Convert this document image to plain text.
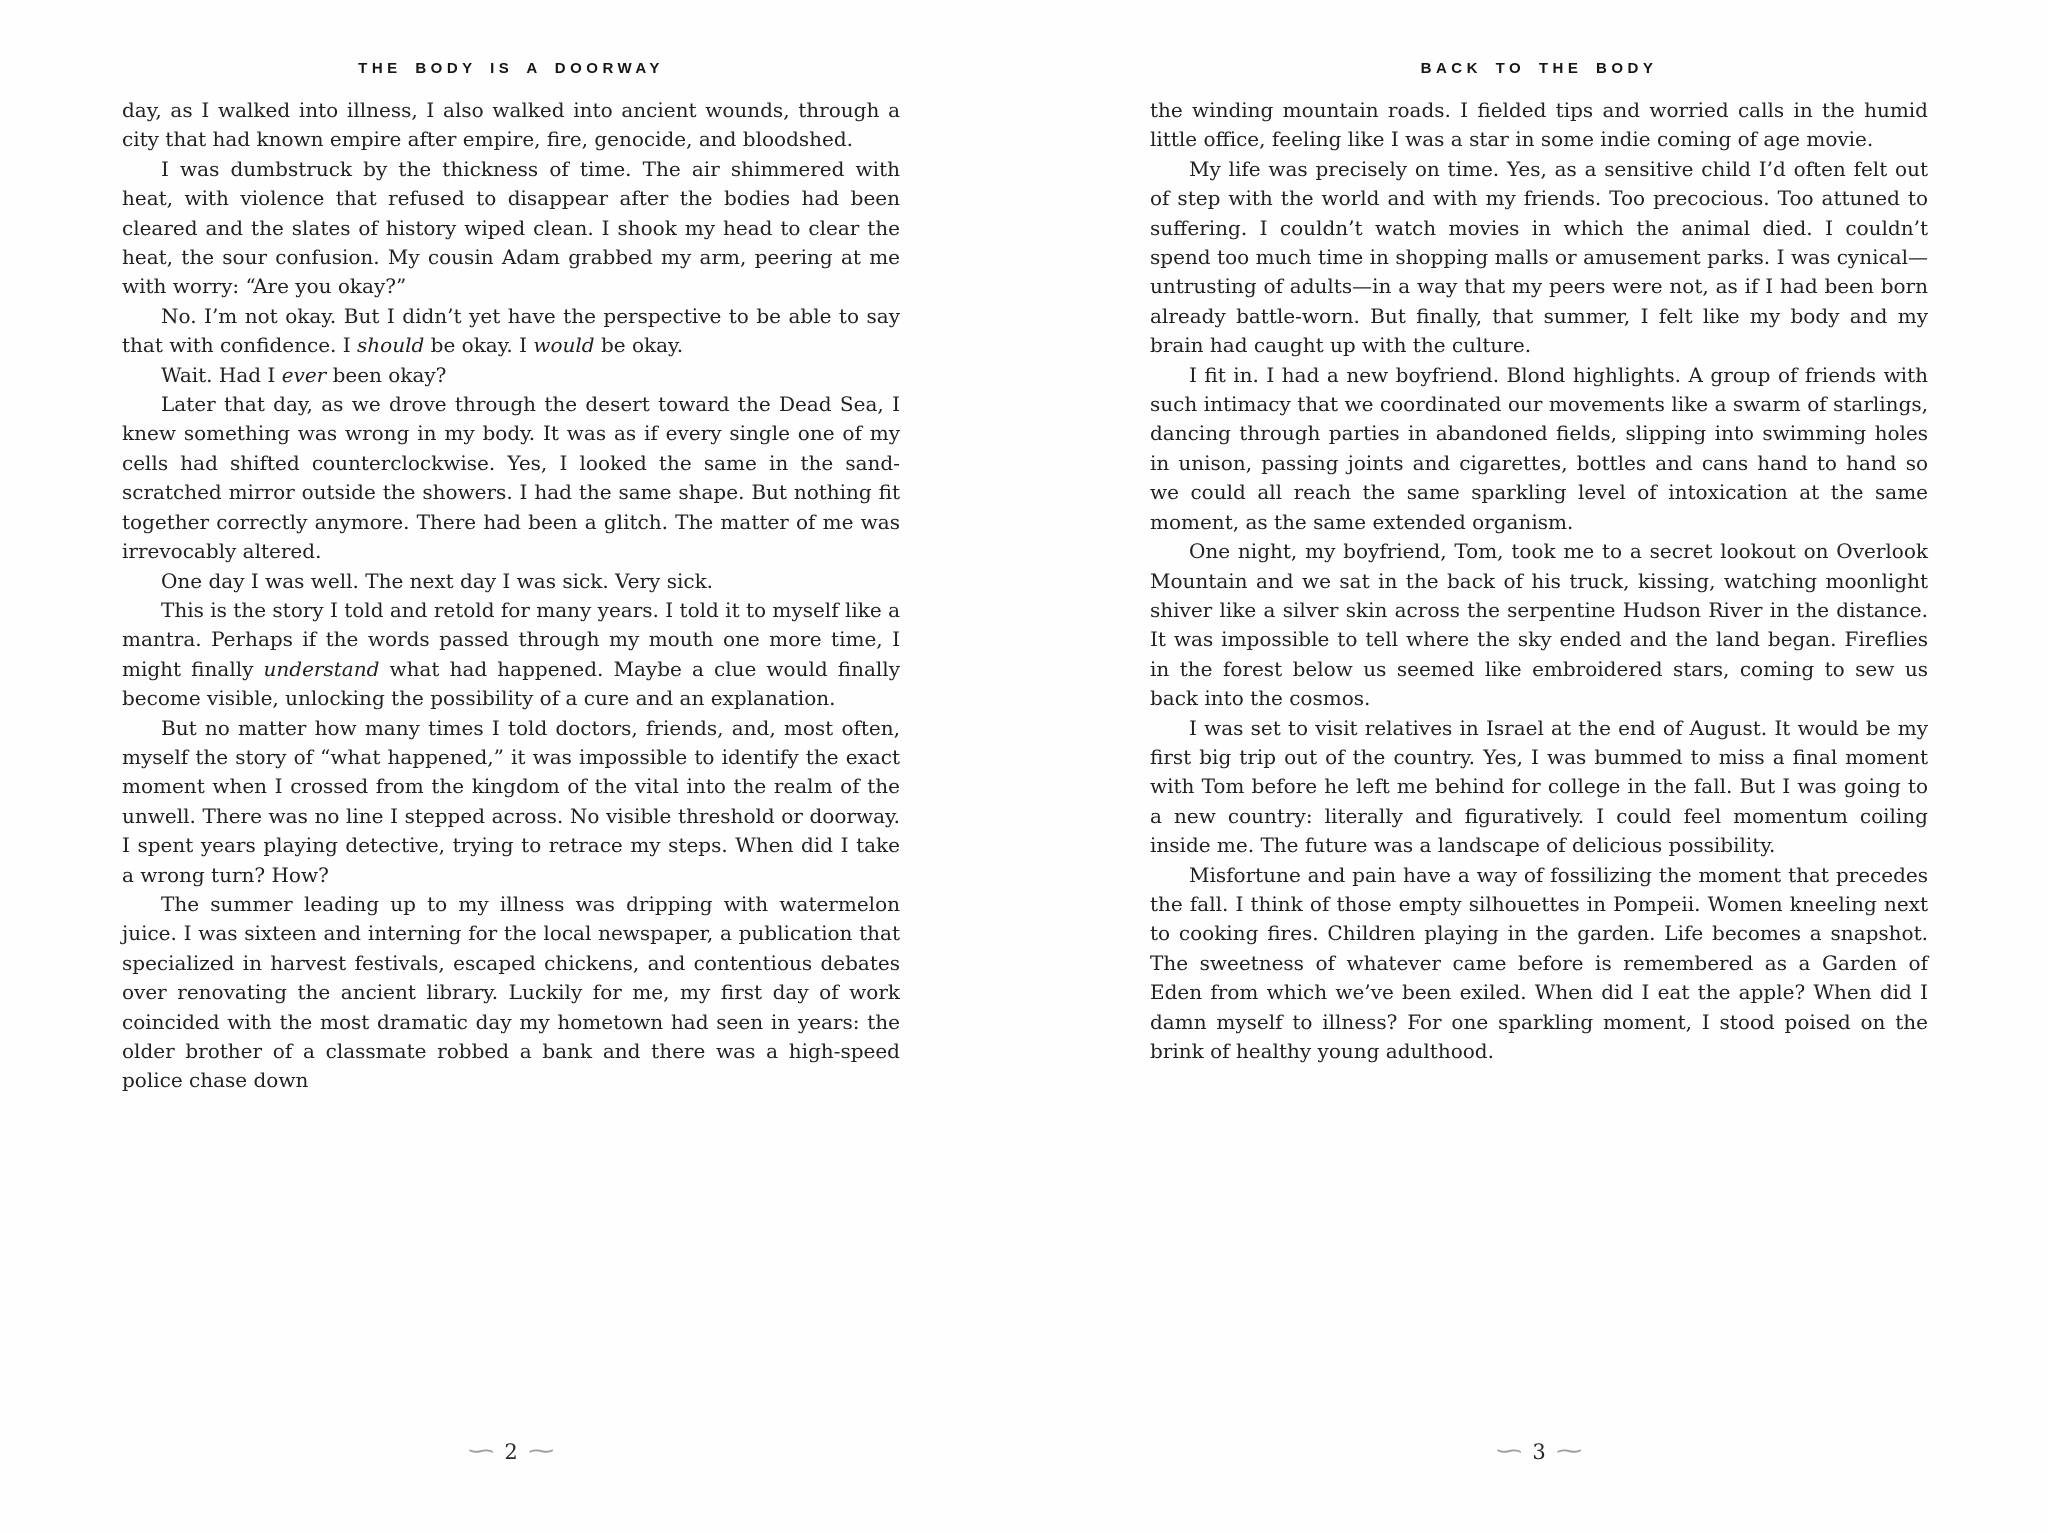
THE BODY IS A DOORWAY

day, as I walked into illness, I also walked into ancient wounds, through a city that had known empire after empire, fire, genocide, and bloodshed.

I was dumbstruck by the thickness of time. The air shimmered with heat, with violence that refused to disappear after the bodies had been cleared and the slates of history wiped clean. I shook my head to clear the heat, the sour confusion. My cousin Adam grabbed my arm, peering at me with worry: “Are you okay?”

No. I’m not okay. But I didn’t yet have the perspective to be able to say that with confidence. I should be okay. I would be okay.

Wait. Had I ever been okay?

Later that day, as we drove through the desert toward the Dead Sea, I knew something was wrong in my body. It was as if every single one of my cells had shifted counterclockwise. Yes, I looked the same in the sand-scratched mirror outside the showers. I had the same shape. But nothing fit together correctly anymore. There had been a glitch. The matter of me was irrevocably altered.

One day I was well. The next day I was sick. Very sick.

This is the story I told and retold for many years. I told it to myself like a mantra. Perhaps if the words passed through my mouth one more time, I might finally understand what had happened. Maybe a clue would finally become visible, unlocking the possibility of a cure and an explanation.

But no matter how many times I told doctors, friends, and, most often, myself the story of “what happened,” it was impossible to identify the exact moment when I crossed from the kingdom of the vital into the realm of the unwell. There was no line I stepped across. No visible threshold or doorway. I spent years playing detective, trying to retrace my steps. When did I take a wrong turn? How?

The summer leading up to my illness was dripping with watermelon juice. I was sixteen and interning for the local newspaper, a publication that specialized in harvest festivals, escaped chickens, and contentious debates over renovating the ancient library. Luckily for me, my first day of work coincided with the most dramatic day my hometown had seen in years: the older brother of a classmate robbed a bank and there was a high-speed police chase down

∽ 2 ∼
BACK TO THE BODY

the winding mountain roads. I fielded tips and worried calls in the humid little office, feeling like I was a star in some indie coming of age movie.

My life was precisely on time. Yes, as a sensitive child I’d often felt out of step with the world and with my friends. Too precocious. Too attuned to suffering. I couldn’t watch movies in which the animal died. I couldn’t spend too much time in shopping malls or amusement parks. I was cynical—untrusting of adults—in a way that my peers were not, as if I had been born already battle-worn. But finally, that summer, I felt like my body and my brain had caught up with the culture.

I fit in. I had a new boyfriend. Blond highlights. A group of friends with such intimacy that we coordinated our movements like a swarm of starlings, dancing through parties in abandoned fields, slipping into swimming holes in unison, passing joints and cigarettes, bottles and cans hand to hand so we could all reach the same sparkling level of intoxication at the same moment, as the same extended organism.

One night, my boyfriend, Tom, took me to a secret lookout on Overlook Mountain and we sat in the back of his truck, kissing, watching moonlight shiver like a silver skin across the serpentine Hudson River in the distance. It was impossible to tell where the sky ended and the land began. Fireflies in the forest below us seemed like embroidered stars, coming to sew us back into the cosmos.

I was set to visit relatives in Israel at the end of August. It would be my first big trip out of the country. Yes, I was bummed to miss a final moment with Tom before he left me behind for college in the fall. But I was going to a new country: literally and figuratively. I could feel momentum coiling inside me. The future was a landscape of delicious possibility.

Misfortune and pain have a way of fossilizing the moment that precedes the fall. I think of those empty silhouettes in Pompeii. Women kneeling next to cooking fires. Children playing in the garden. Life becomes a snapshot. The sweetness of whatever came before is remembered as a Garden of Eden from which we’ve been exiled. When did I eat the apple? When did I damn myself to illness? For one sparkling moment, I stood poised on the brink of healthy young adulthood.

∽ 3 ∼
